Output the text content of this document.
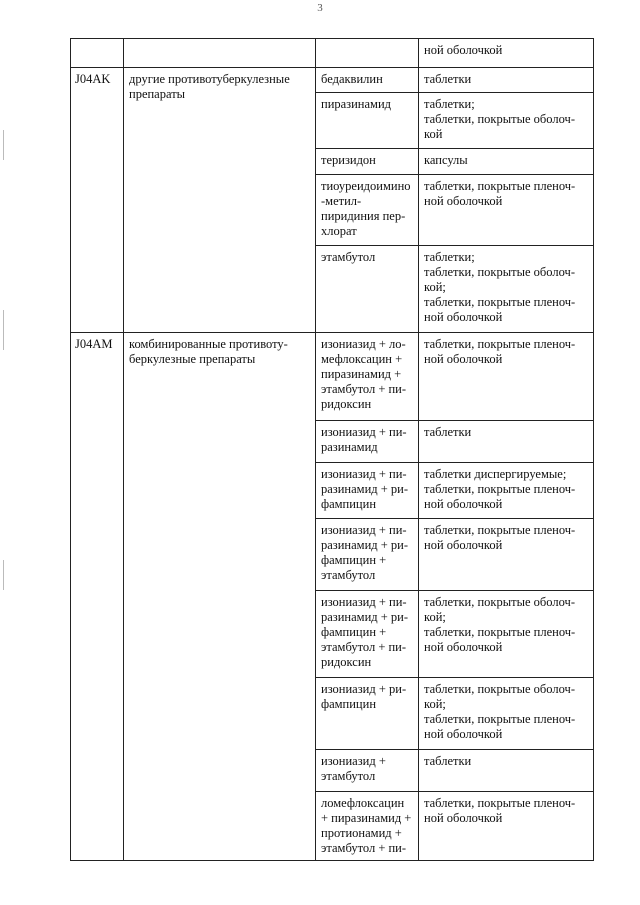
3

			ной оболочкой

J04AK	другие противотуберкулезные препараты	бедаквилин	таблетки

		пиразинамид	таблетки;
таблетки, покрытые оболоч-кой

		теризидон	капсулы

		тиоуреидоимино-метил-пиридиния пер-хлорат	таблетки, покрытые пленоч-ной оболочкой

		этамбутол	таблетки;
таблетки, покрытые оболоч-кой;
таблетки, покрытые пленоч-ной оболочкой

J04AM	комбинированные противоту-беркулезные препараты	изониазид + ло-мефлоксацин + пиразинамид + этамбутол + пи-ридоксин	таблетки, покрытые пленоч-ной оболочкой

		изониазид + пи-разинамид	таблетки

		изониазид + пи-разинамид + ри-фампицин	таблетки диспергируемые;
таблетки, покрытые пленоч-ной оболочкой

		изониазид + пи-разинамид + ри-фампицин + этамбутол	таблетки, покрытые пленоч-ной оболочкой

		изониазид + пи-разинамид + ри-фампицин + этамбутол + пи-ридоксин	таблетки, покрытые оболоч-кой;
таблетки, покрытые пленоч-ной оболочкой

		изониазид + ри-фампицин	таблетки, покрытые оболоч-кой;
таблетки, покрытые пленоч-ной оболочкой

		изониазид + этамбутол	таблетки

		ломефлоксацин + пиразинамид + протионамид + этамбутол + пи-	таблетки, покрытые пленоч-ной оболочкой
